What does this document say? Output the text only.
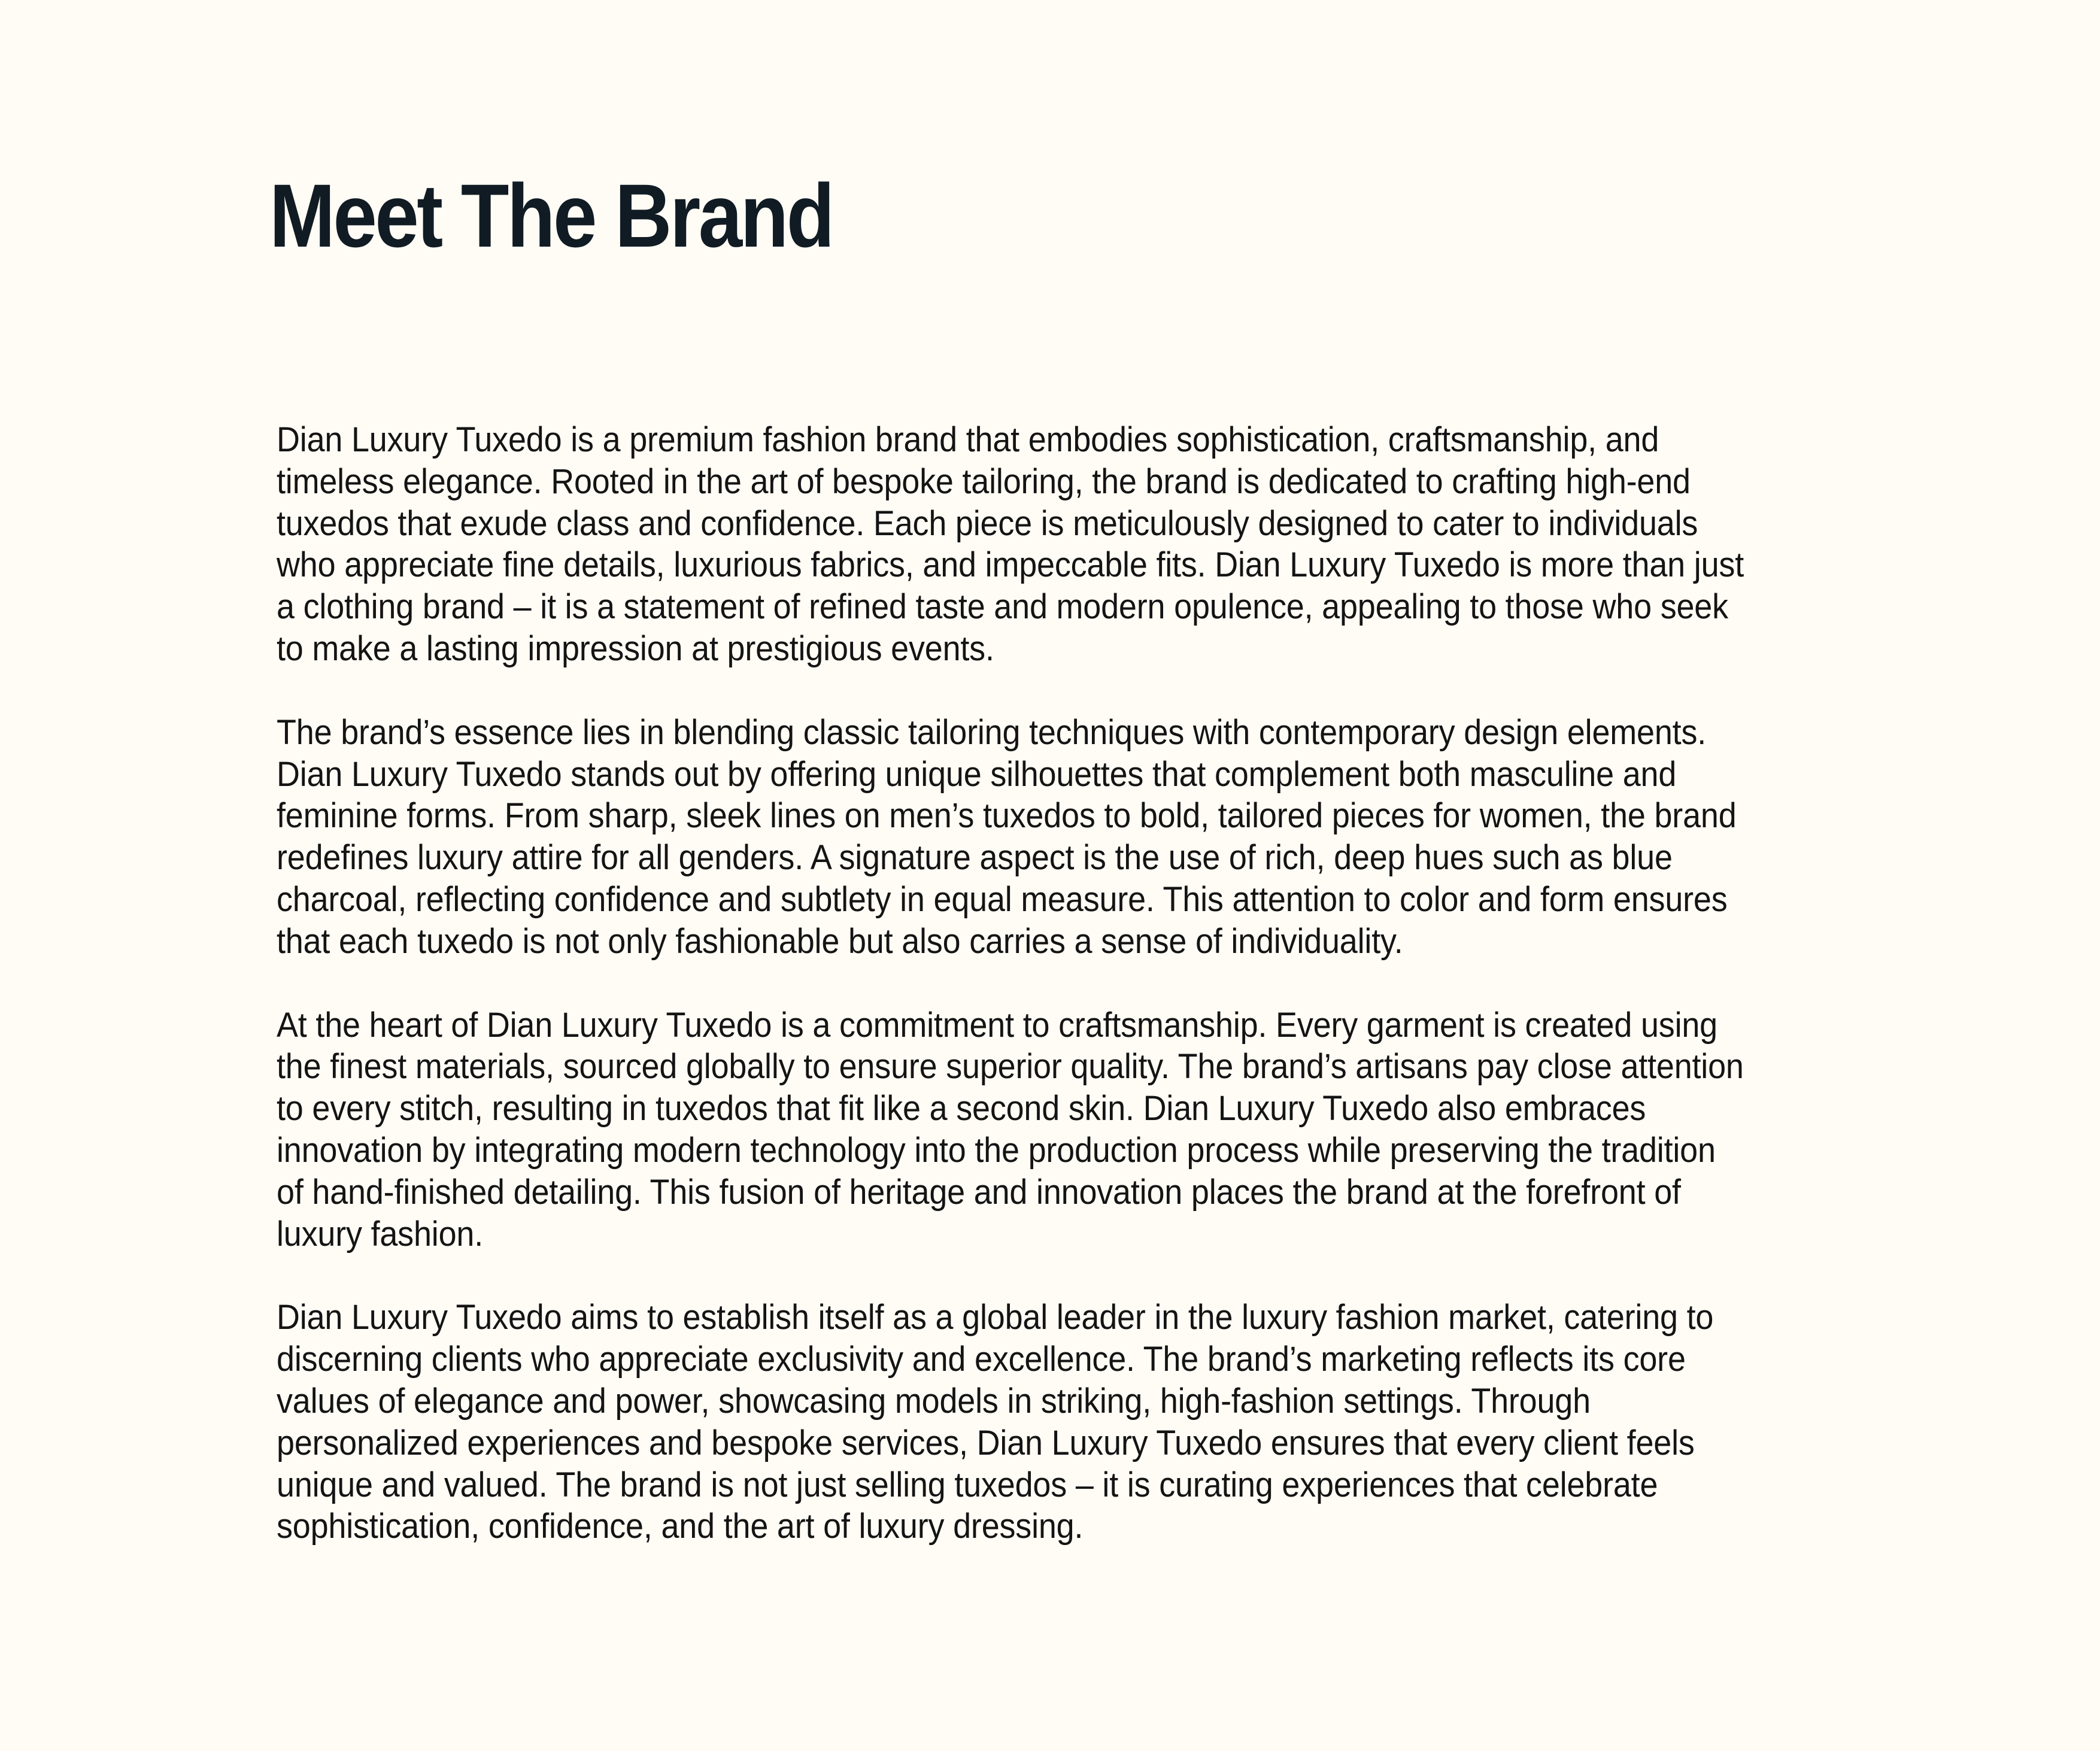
Meet The Brand

Dian Luxury Tuxedo is a premium fashion brand that embodies sophistication, craftsmanship, and
timeless elegance. Rooted in the art of bespoke tailoring, the brand is dedicated to crafting high-end
tuxedos that exude class and confidence. Each piece is meticulously designed to cater to individuals
who appreciate fine details, luxurious fabrics, and impeccable fits. Dian Luxury Tuxedo is more than just
a clothing brand – it is a statement of refined taste and modern opulence, appealing to those who seek
to make a lasting impression at prestigious events.

The brand’s essence lies in blending classic tailoring techniques with contemporary design elements.
Dian Luxury Tuxedo stands out by offering unique silhouettes that complement both masculine and
feminine forms. From sharp, sleek lines on men’s tuxedos to bold, tailored pieces for women, the brand
redefines luxury attire for all genders. A signature aspect is the use of rich, deep hues such as blue
charcoal, reflecting confidence and subtlety in equal measure. This attention to color and form ensures
that each tuxedo is not only fashionable but also carries a sense of individuality.

At the heart of Dian Luxury Tuxedo is a commitment to craftsmanship. Every garment is created using
the finest materials, sourced globally to ensure superior quality. The brand’s artisans pay close attention
to every stitch, resulting in tuxedos that fit like a second skin. Dian Luxury Tuxedo also embraces
innovation by integrating modern technology into the production process while preserving the tradition
of hand-finished detailing. This fusion of heritage and innovation places the brand at the forefront of
luxury fashion.

Dian Luxury Tuxedo aims to establish itself as a global leader in the luxury fashion market, catering to
discerning clients who appreciate exclusivity and excellence. The brand’s marketing reflects its core
values of elegance and power, showcasing models in striking, high-fashion settings. Through
personalized experiences and bespoke services, Dian Luxury Tuxedo ensures that every client feels
unique and valued. The brand is not just selling tuxedos – it is curating experiences that celebrate
sophistication, confidence, and the art of luxury dressing.
